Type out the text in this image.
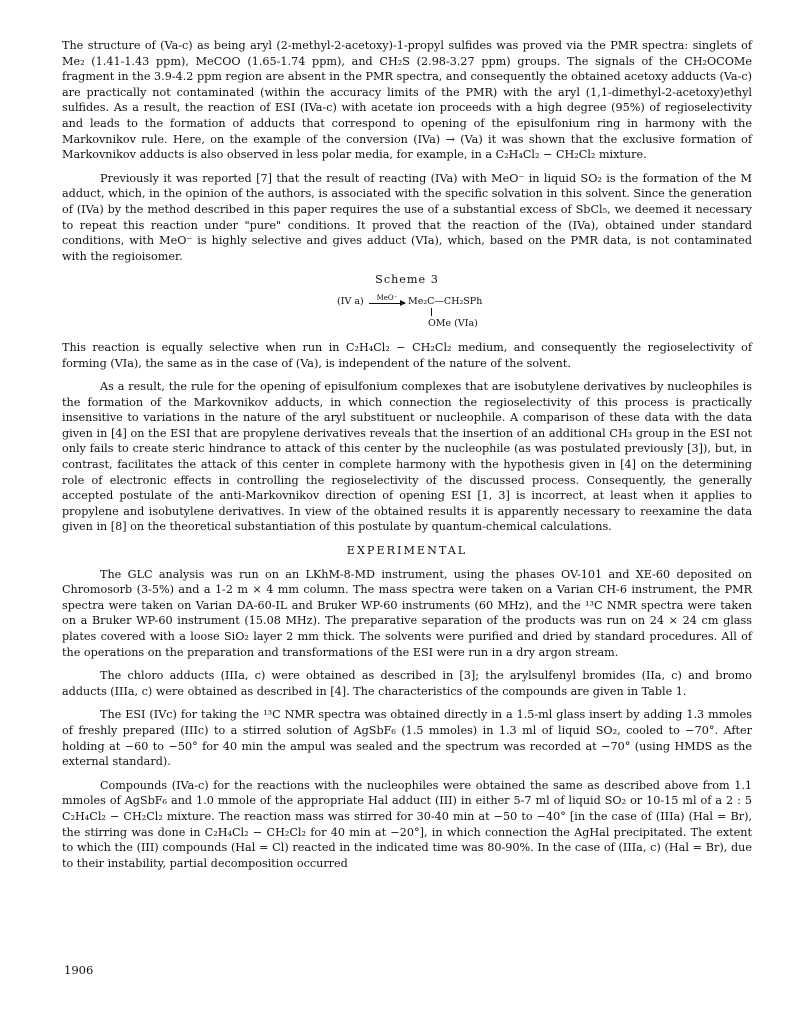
The structure of (Va-c) as being aryl (2-methyl-2-acetoxy)-1-propyl sulfides was proved via the PMR spectra: singlets of Me₂ (1.41-1.43 ppm), MeCOO (1.65-1.74 ppm), and CH₂S (2.98-3.27 ppm) groups. The signals of the CH₂OCOMe fragment in the 3.9-4.2 ppm region are absent in the PMR spectra, and consequently the obtained acetoxy adducts (Va-c) are practically not contaminated (within the accuracy limits of the PMR) with the aryl (1,1-dimethyl-2-acetoxy)ethyl sulfides. As a result, the reaction of ESI (IVa-c) with acetate ion proceeds with a high degree (95%) of regioselectivity and leads to the formation of adducts that correspond to opening of the episulfonium ring in harmony with the Markovnikov rule. Here, on the example of the conversion (IVa) → (Va) it was shown that the exclusive formation of Markovnikov adducts is also observed in less polar media, for example, in a C₂H₄Cl₂ − CH₂Cl₂ mixture.

Previously it was reported [7] that the result of reacting (IVa) with MeO⁻ in liquid SO₂ is the formation of the M adduct, which, in the opinion of the authors, is associated with the specific solvation in this solvent. Since the generation of (IVa) by the method described in this paper requires the use of a substantial excess of SbCl₅, we deemed it necessary to repeat this reaction under "pure" conditions. It proved that the reaction of the (IVa), obtained under standard conditions, with MeO⁻ is highly selective and gives adduct (VIa), which, based on the PMR data, is not contaminated with the regioisomer.

Scheme 3
(IV a)	MeO⁻	Me₂C—CH₂SPh
OMe (VIa)

This reaction is equally selective when run in C₂H₄Cl₂ − CH₂Cl₂ medium, and consequently the regioselectivity of forming (VIa), the same as in the case of (Va), is independent of the nature of the solvent.

As a result, the rule for the opening of episulfonium complexes that are isobutylene derivatives by nucleophiles is the formation of the Markovnikov adducts, in which connection the regioselectivity of this process is practically insensitive to variations in the nature of the aryl substituent or nucleophile. A comparison of these data with the data given in [4] on the ESI that are propylene derivatives reveals that the insertion of an additional CH₃ group in the ESI not only fails to create steric hindrance to attack of this center by the nucleophile (as was postulated previously [3]), but, in contrast, facilitates the attack of this center in complete harmony with the hypothesis given in [4] on the determining role of electronic effects in controlling the regioselectivity of the discussed process. Consequently, the generally accepted postulate of the anti-Markovnikov direction of opening ESI [1, 3] is incorrect, at least when it applies to propylene and isobutylene derivatives. In view of the obtained results it is apparently necessary to reexamine the data given in [8] on the theoretical substantiation of this postulate by quantum-chemical calculations.

EXPERIMENTAL

The GLC analysis was run on an LKhM-8-MD instrument, using the phases OV-101 and XE-60 deposited on Chromosorb (3-5%) and a 1-2 m × 4 mm column. The mass spectra were taken on a Varian CH-6 instrument, the PMR spectra were taken on Varian DA-60-IL and Bruker WP-60 instruments (60 MHz), and the ¹³C NMR spectra were taken on a Bruker WP-60 instrument (15.08 MHz). The preparative separation of the products was run on 24 × 24 cm glass plates covered with a loose SiO₂ layer 2 mm thick. The solvents were purified and dried by standard procedures. All of the operations on the preparation and transformations of the ESI were run in a dry argon stream.

The chloro adducts (IIIa, c) were obtained as described in [3]; the arylsulfenyl bromides (IIa, c) and bromo adducts (IIIa, c) were obtained as described in [4]. The characteristics of the compounds are given in Table 1.

The ESI (IVc) for taking the ¹³C NMR spectra was obtained directly in a 1.5-ml glass insert by adding 1.3 mmoles of freshly prepared (IIIc) to a stirred solution of AgSbF₆ (1.5 mmoles) in 1.3 ml of liquid SO₂, cooled to −70°. After holding at −60 to −50° for 40 min the ampul was sealed and the spectrum was recorded at −70° (using HMDS as the external standard).

Compounds (IVa-c) for the reactions with the nucleophiles were obtained the same as described above from 1.1 mmoles of AgSbF₆ and 1.0 mmole of the appropriate Hal adduct (III) in either 5-7 ml of liquid SO₂ or 10-15 ml of a 2 : 5 C₂H₄Cl₂ − CH₂Cl₂ mixture. The reaction mass was stirred for 30-40 min at −50 to −40° [in the case of (IIIa) (Hal = Br), the stirring was done in C₂H₄Cl₂ − CH₂Cl₂ for 40 min at −20°], in which connection the AgHal precipitated. The extent to which the (III) compounds (Hal = Cl) reacted in the indicated time was 80-90%. In the case of (IIIa, c) (Hal = Br), due to their instability, partial decomposition occurred

1906
